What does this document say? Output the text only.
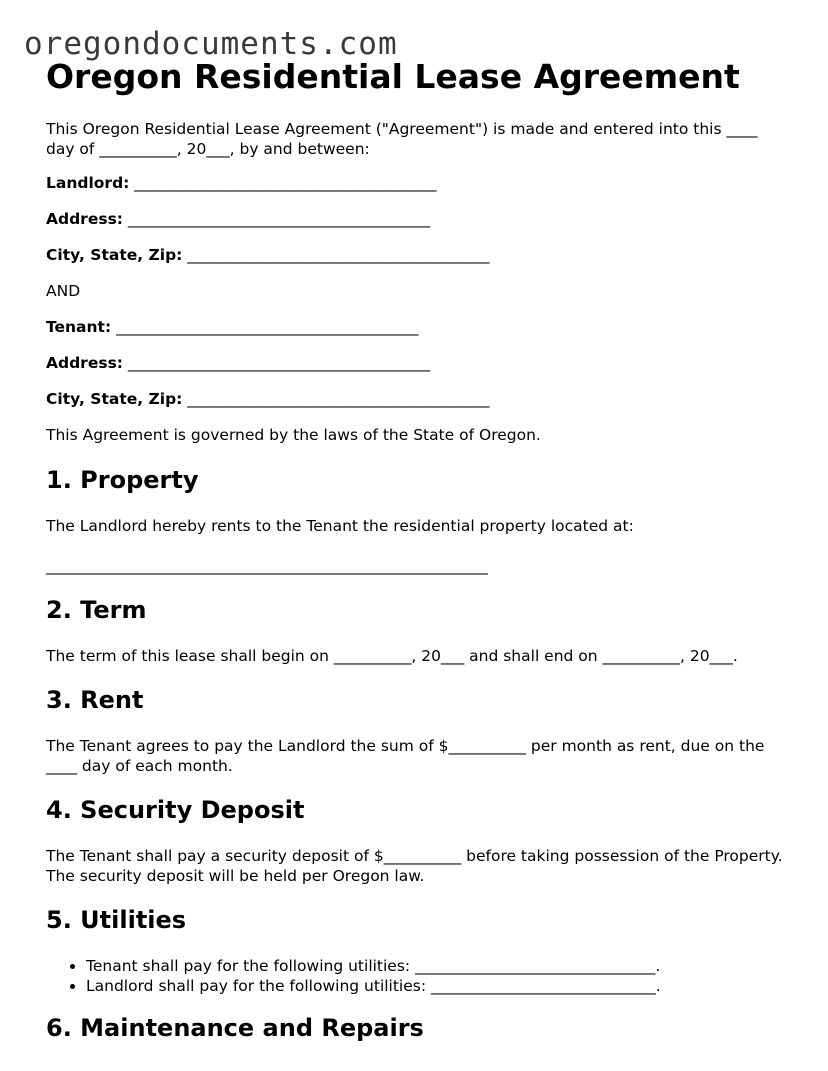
oregondocuments.com
Oregon Residential Lease Agreement

This Oregon Residential Lease Agreement ("Agreement") is made and entered into this ____ day of __________, 20___, by and between:

Landlord: _______________________________________

Address: _______________________________________

City, State, Zip: _______________________________________

AND

Tenant: _______________________________________

Address: _______________________________________

City, State, Zip: _______________________________________

This Agreement is governed by the laws of the State of Oregon.

1. Property

The Landlord hereby rents to the Tenant the residential property located at:

_________________________________________________________

2. Term

The term of this lease shall begin on __________, 20___ and shall end on __________, 20___.

3. Rent

The Tenant agrees to pay the Landlord the sum of $__________ per month as rent, due on the ____ day of each month.

4. Security Deposit

The Tenant shall pay a security deposit of $__________ before taking possession of the Property. The security deposit will be held per Oregon law.

5. Utilities
• Tenant shall pay for the following utilities: _______________________________.
• Landlord shall pay for the following utilities: _____________________________.
6. Maintenance and Repairs
